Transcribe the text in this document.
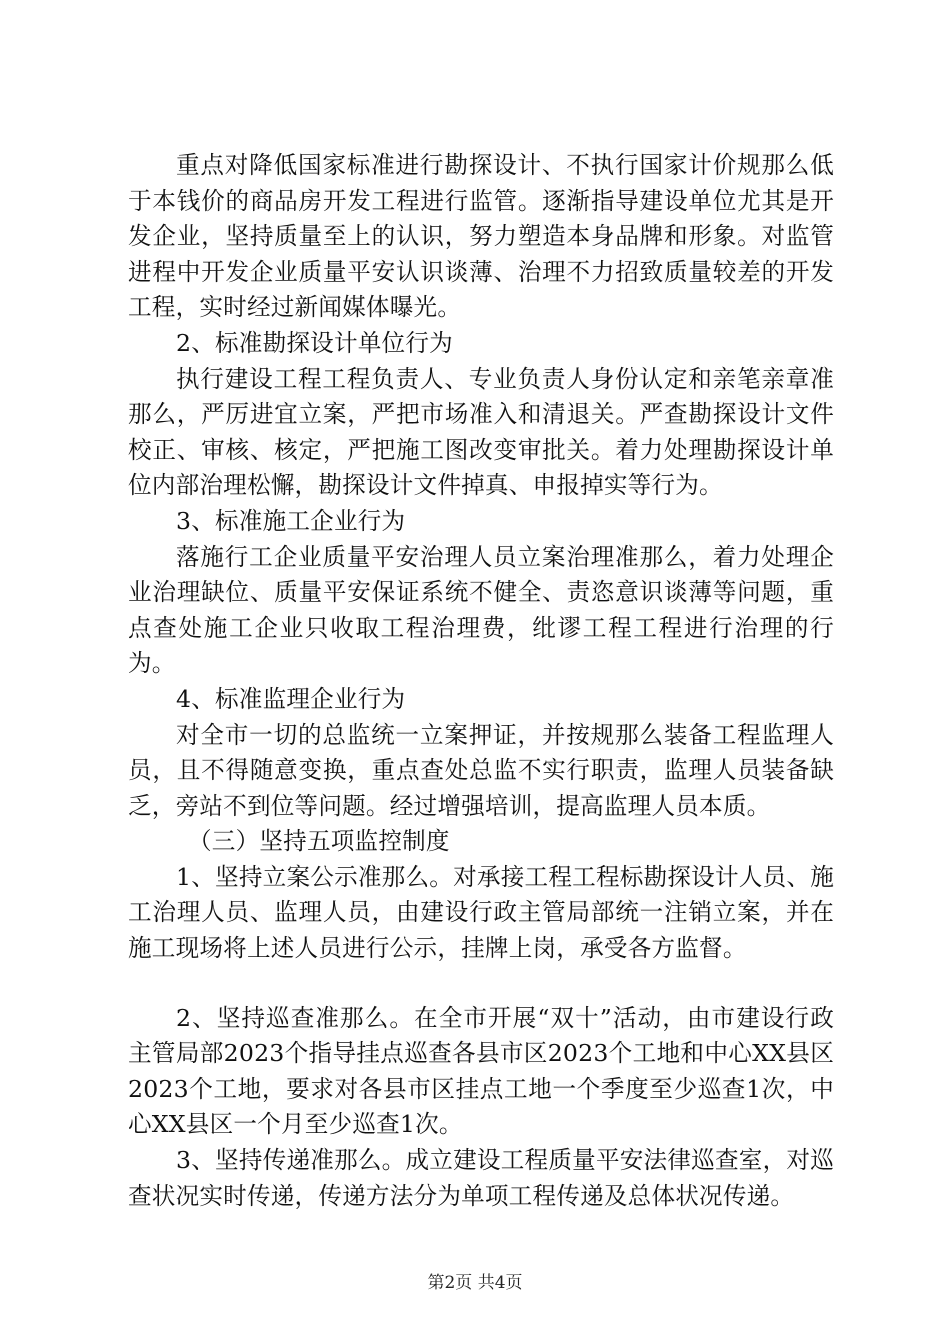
重点对降低国家标准进行勘探设计、不执行国家计价规那么低于本钱价的商品房开发工程进行监管。逐渐指导建设单位尤其是开发企业，坚持质量至上的认识，努力塑造本身品牌和形象。对监管进程中开发企业质量平安认识谈薄、治理不力招致质量较差的开发工程，实时经过新闻媒体曝光。

2、标准勘探设计单位行为

执行建设工程工程负责人、专业负责人身份认定和亲笔亲章准那么，严厉进宜立案，严把市场准入和清退关。严查勘探设计文件校正、审核、核定，严把施工图改变审批关。着力处理勘探设计单位内部治理松懈，勘探设计文件掉真、申报掉实等行为。

3、标准施工企业行为

落施行工企业质量平安治理人员立案治理准那么，着力处理企业治理缺位、质量平安保证系统不健全、责恣意识谈薄等问题，重点查处施工企业只收取工程治理费，纰谬工程工程进行治理的行为。

4、标准监理企业行为

对全市一切的总监统一立案押证，并按规那么装备工程监理人员，且不得随意变换，重点查处总监不实行职责，监理人员装备缺乏，旁站不到位等问题。经过增强培训，提高监理人员本质。

（三）坚持五项监控制度

1、坚持立案公示准那么。对承接工程工程标勘探设计人员、施工治理人员、监理人员，由建设行政主管局部统一注销立案，并在施工现场将上述人员进行公示，挂牌上岗，承受各方监督。

2、坚持巡查准那么。在全市开展“双十”活动，由市建设行政主管局部2023个指导挂点巡查各县市区2023个工地和中心XX县区2023个工地，要求对各县市区挂点工地一个季度至少巡查1次，中心XX县区一个月至少巡查1次。

3、坚持传递准那么。成立建设工程质量平安法律巡查室，对巡查状况实时传递，传递方法分为单项工程传递及总体状况传递。

第2页 共4页
